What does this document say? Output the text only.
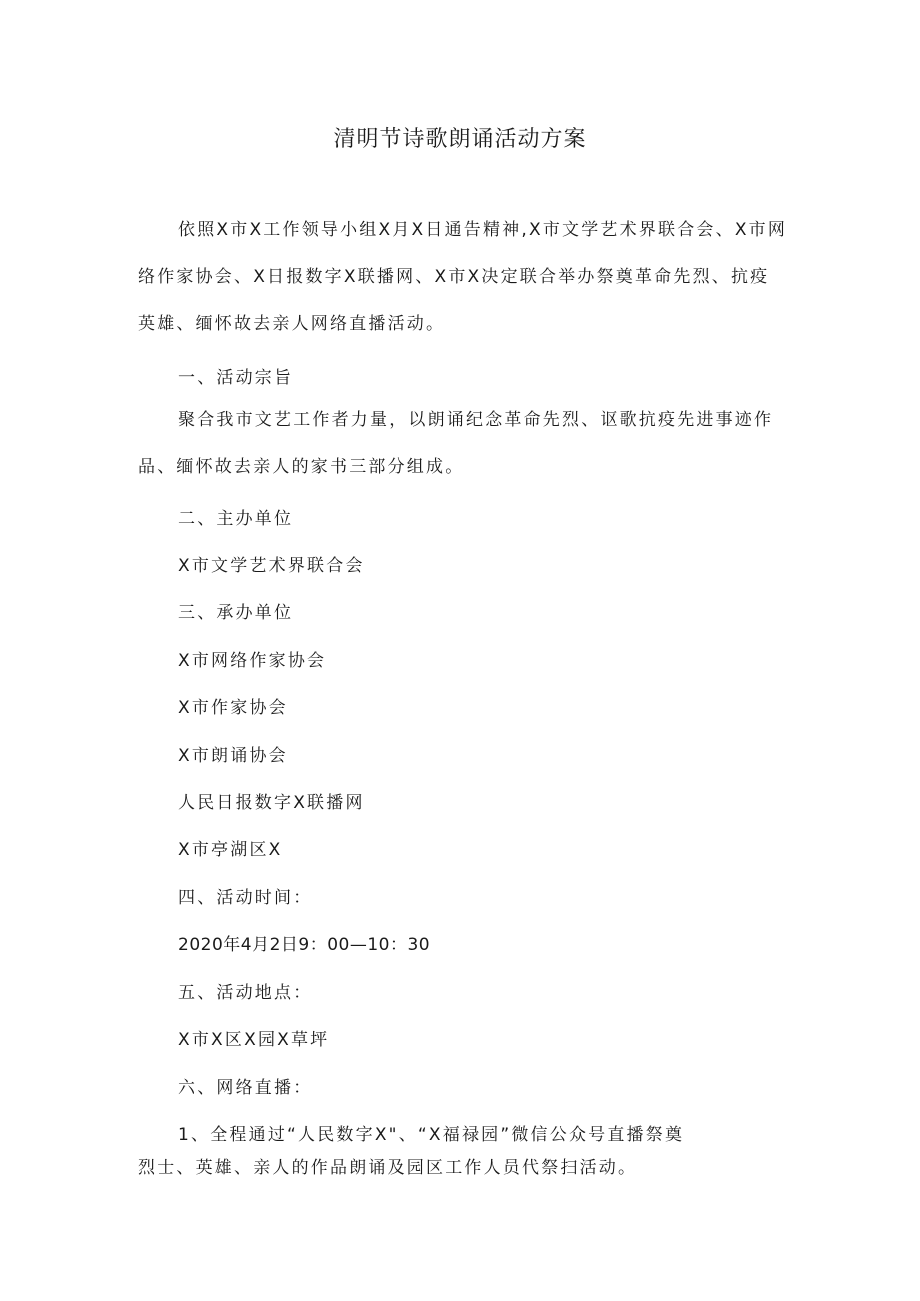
清明节诗歌朗诵活动方案

依照X市X工作领导小组X月X日通告精神,X市文学艺术界联合会、X市网络作家协会、X日报数字X联播网、X市X决定联合举办祭奠革命先烈、抗疫英雄、缅怀故去亲人网络直播活动。

一、活动宗旨

聚合我市文艺工作者力量，以朗诵纪念革命先烈、讴歌抗疫先进事迹作品、缅怀故去亲人的家书三部分组成。

二、主办单位
X市文学艺术界联合会
三、承办单位
X市网络作家协会
X市作家协会
X市朗诵协会
人民日报数字X联播网
X市亭湖区X
四、活动时间：
2020年4月2日9：00—10：30
五、活动地点：
X市X区X园X草坪
六、网络直播：
1、全程通过“人民数字X"、“X福禄园”微信公众号直播祭奠
烈士、英雄、亲人的作品朗诵及园区工作人员代祭扫活动。
